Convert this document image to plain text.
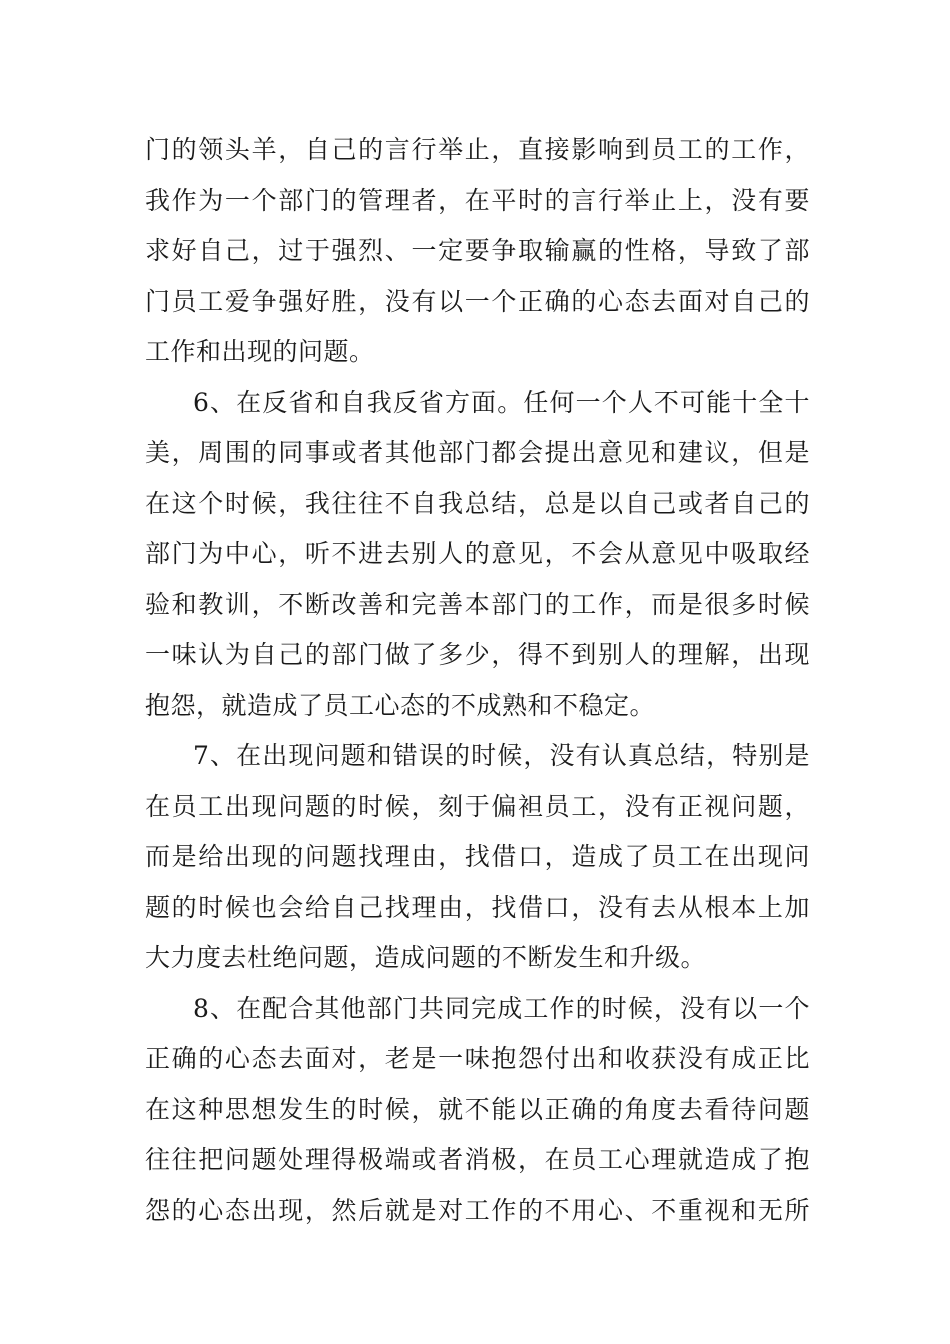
门的领头羊，自己的言行举止，直接影响到员工的工作，
我作为一个部门的管理者，在平时的言行举止上，没有要
求好自己，过于强烈、一定要争取输赢的性格，导致了部
门员工爱争强好胜，没有以一个正确的心态去面对自己的
工作和出现的问题。
6、在反省和自我反省方面。任何一个人不可能十全十
美，周围的同事或者其他部门都会提出意见和建议，但是
在这个时候，我往往不自我总结，总是以自己或者自己的
部门为中心，听不进去别人的意见，不会从意见中吸取经
验和教训，不断改善和完善本部门的工作，而是很多时候
一味认为自己的部门做了多少，得不到别人的理解，出现
抱怨，就造成了员工心态的不成熟和不稳定。
7、在出现问题和错误的时候，没有认真总结，特别是
在员工出现问题的时候，刻于偏袒员工，没有正视问题，
而是给出现的问题找理由，找借口，造成了员工在出现问
题的时候也会给自己找理由，找借口，没有去从根本上加
大力度去杜绝问题，造成问题的不断发生和升级。
8、在配合其他部门共同完成工作的时候，没有以一个
正确的心态去面对，老是一味抱怨付出和收获没有成正比
在这种思想发生的时候，就不能以正确的角度去看待问题
往往把问题处理得极端或者消极，在员工心理就造成了抱
怨的心态出现，然后就是对工作的不用心、不重视和无所
